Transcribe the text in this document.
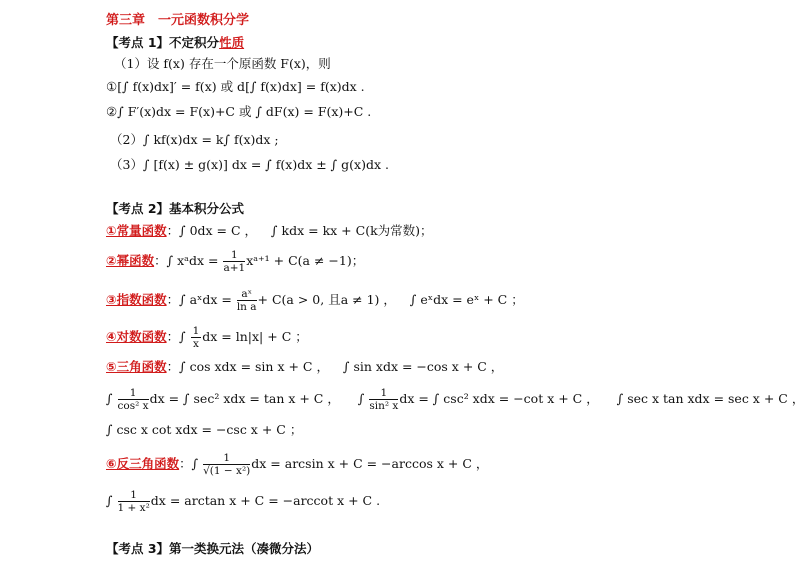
第三章　一元函数积分学
【考点 1】不定积分性质
（1）设 f(x) 存在一个原函数 F(x)，则
①[∫ f(x)dx]′ = f(x) 或 d[∫ f(x)dx] = f(x)dx .
②∫ F′(x)dx = F(x)+C 或 ∫ dF(x) = F(x)+C .
（2）∫ kf(x)dx = k∫ f(x)dx ;
（3）∫ [f(x) ± g(x)] dx = ∫ f(x)dx ± ∫ g(x)dx .
【考点 2】基本积分公式
①常量函数：∫ 0dx = C ， ∫ kdx = kx + C(k为常数)；
②幂函数：∫ xᵃdx = $\frac{1}{a+1}$ xᵃ⁺¹ + C(a ≠ −1)；
③指数函数：∫ aˣdx = $\frac{\text{aˣ}}{\text{ln a}} + C(a > 0$, 且a ≠ 1) ， ∫ eˣdx = eˣ + C ；
④对数函数：∫ $\frac{1}{x}$ dx = ln|x| + C ；
⑤三角函数：∫ cos xdx = sin x + C ， ∫ sin xdx = −cos x + C ，
∫ $\frac{1}{\text{cos² x}}$ dx = ∫ sec² xdx = tan x + C ， ∫ $\frac{1}{\text{sin² x}}$ dx = ∫ csc² xdx = −cot x + C ， ∫ sec x tan xdx = sec x + C ，
∫ csc x cot xdx = −csc x + C ；
⑥反三角函数：∫ $\frac{1}{\text{√(1 − x²)}}$ dx = arcsin x + C = −arccos x + C ，
∫ $\frac{1}{\text{1 + x²}}$ dx = arctan x + C = −arccot x + C .
【考点 3】第一类换元法（凑微分法）
